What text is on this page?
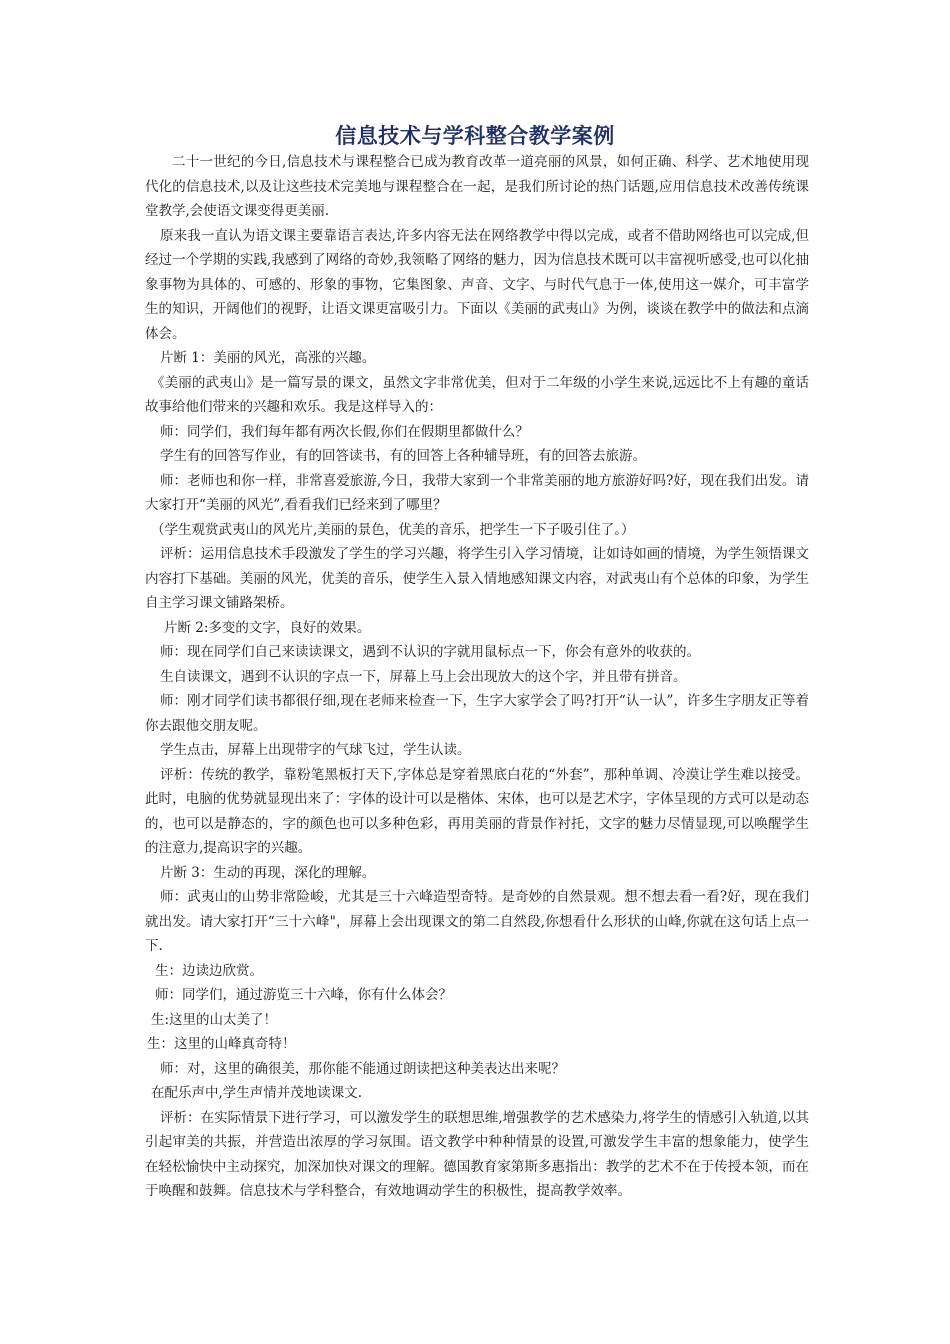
信息技术与学科整合教学案例

二十一世纪的今日,信息技术与课程整合已成为教育改革一道亮丽的风景，如何正确、科学、艺术地使用现代化的信息技术,以及让这些技术完美地与课程整合在一起，是我们所讨论的热门话题,应用信息技术改善传统课堂教学,会使语文课变得更美丽.

原来我一直认为语文课主要靠语言表达,许多内容无法在网络教学中得以完成，或者不借助网络也可以完成,但经过一个学期的实践,我感到了网络的奇妙,我领略了网络的魅力，因为信息技术既可以丰富视听感受,也可以化抽象事物为具体的、可感的、形象的事物，它集图象、声音、文字、与时代气息于一体,使用这一媒介，可丰富学生的知识，开阔他们的视野，让语文课更富吸引力。下面以《美丽的武夷山》为例，谈谈在教学中的做法和点滴体会。

片断 1：美丽的风光，高涨的兴趣。

《美丽的武夷山》是一篇写景的课文，虽然文字非常优美，但对于二年级的小学生来说,远远比不上有趣的童话故事给他们带来的兴趣和欢乐。我是这样导入的：

师：同学们，我们每年都有两次长假,你们在假期里都做什么？

学生有的回答写作业，有的回答读书，有的回答上各种辅导班，有的回答去旅游。

师：老师也和你一样，非常喜爱旅游,今日，我带大家到一个非常美丽的地方旅游好吗?好，现在我们出发。请大家打开“美丽的风光”,看看我们已经来到了哪里？

（学生观赏武夷山的风光片,美丽的景色，优美的音乐，把学生一下子吸引住了。）

评析：运用信息技术手段激发了学生的学习兴趣，将学生引入学习情境，让如诗如画的情境，为学生领悟课文内容打下基础。美丽的风光，优美的音乐，使学生入景入情地感知课文内容，对武夷山有个总体的印象，为学生自主学习课文铺路架桥。

片断 2:多变的文字，良好的效果。

师：现在同学们自己来读读课文，遇到不认识的字就用鼠标点一下，你会有意外的收获的。

生自读课文，遇到不认识的字点一下，屏幕上马上会出现放大的这个字，并且带有拼音。

师：刚才同学们读书都很仔细,现在老师来检查一下，生字大家学会了吗?打开“认一认”，许多生字朋友正等着你去跟他交朋友呢。

学生点击，屏幕上出现带字的气球飞过，学生认读。

评析：传统的教学，靠粉笔黑板打天下,字体总是穿着黑底白花的“外套”，那种单调、冷漠让学生难以接受。此时，电脑的优势就显现出来了：字体的设计可以是楷体、宋体，也可以是艺术字，字体呈现的方式可以是动态的，也可以是静态的，字的颜色也可以多种色彩，再用美丽的背景作衬托，文字的魅力尽情显现,可以唤醒学生的注意力,提高识字的兴趣。

片断 3：生动的再现，深化的理解。

师：武夷山的山势非常险峻，尤其是三十六峰造型奇特。是奇妙的自然景观。想不想去看一看?好，现在我们就出发。请大家打开“三十六峰"，屏幕上会出现课文的第二自然段,你想看什么形状的山峰,你就在这句话上点一下.

生：边读边欣赏。

师：同学们，通过游览三十六峰，你有什么体会？

生:这里的山太美了！

生：这里的山峰真奇特！

师：对，这里的确很美，那你能不能通过朗读把这种美表达出来呢？

在配乐声中,学生声情并茂地读课文.

评析：在实际情景下进行学习，可以激发学生的联想思维,增强教学的艺术感染力,将学生的情感引入轨道,以其引起审美的共振，并营造出浓厚的学习氛围。语文教学中种种情景的设置,可激发学生丰富的想象能力，使学生在轻松愉快中主动探究，加深加快对课文的理解。德国教育家第斯多惠指出：教学的艺术不在于传授本领，而在于唤醒和鼓舞。信息技术与学科整合，有效地调动学生的积极性，提高教学效率。
